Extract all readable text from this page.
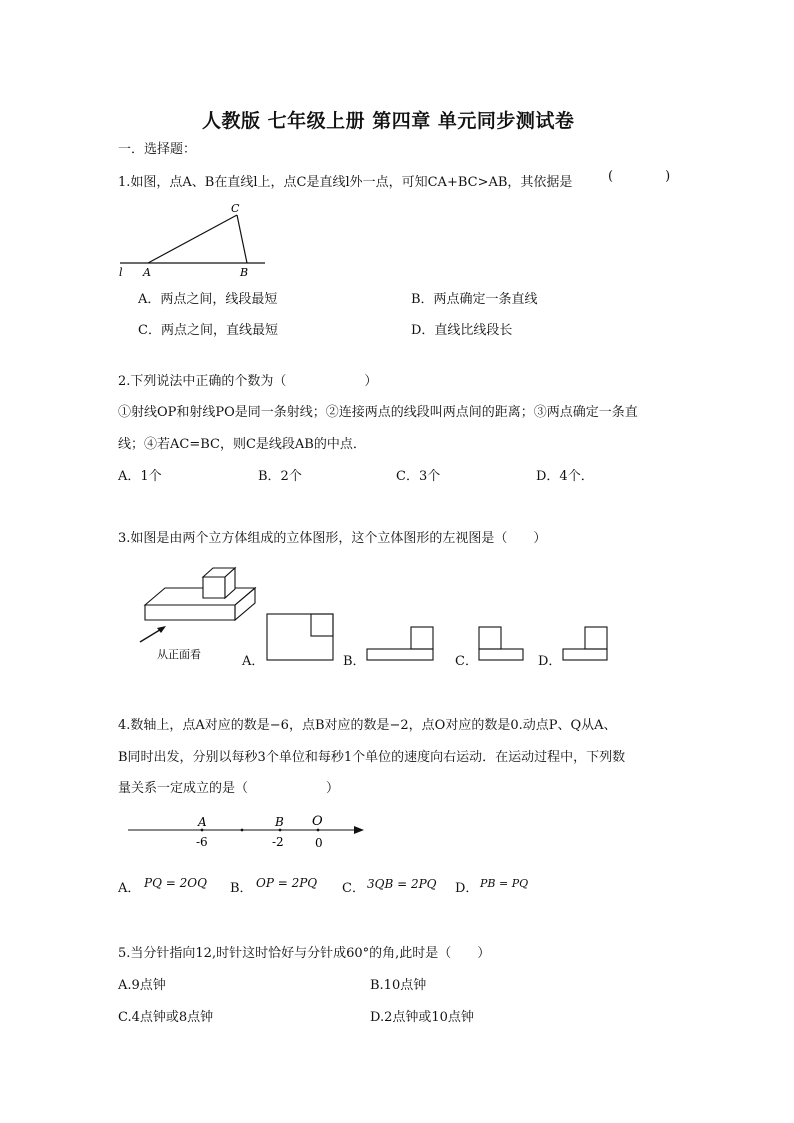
人教版 七年级上册 第四章 单元同步测试卷
一．选择题：
1.如图，点A、B在直线l上，点C是直线l外一点，可知CA+BC>AB，其依据是	(　　　　)
C
A	B
l
A．两点之间，线段最短	B．两点确定一条直线
C．两点之间，直线最短	D．直线比线段长
2.下列说法中正确的个数为（　　　　　　）
①射线OP和射线PO是同一条射线；②连接两点的线段叫两点间的距离；③两点确定一条直
线；④若AC=BC，则C是线段AB的中点．
A．1个	B．2个	C．3个	D．4个．
3.如图是由两个立方体组成的立体图形，这个立体图形的左视图是（　　）
从正面看	A．	B．	C．	D．
4.数轴上，点A对应的数是−6，点B对应的数是−2，点O对应的数是0.动点P、Q从A、
B同时出发，分别以每秒3个单位和每秒1个单位的速度向右运动．在运动过程中，下列数
量关系一定成立的是（　　　　　　）
A	B O
-6	-2	0
A． PQ = 2OQ B． OP = 2PQ C． 3QB = 2PQ D． PB = PQ
5.当分针指向12,时针这时恰好与分针成60°的角,此时是（　　）
A.9点钟	B.10点钟
C.4点钟或8点钟	D.2点钟或10点钟
